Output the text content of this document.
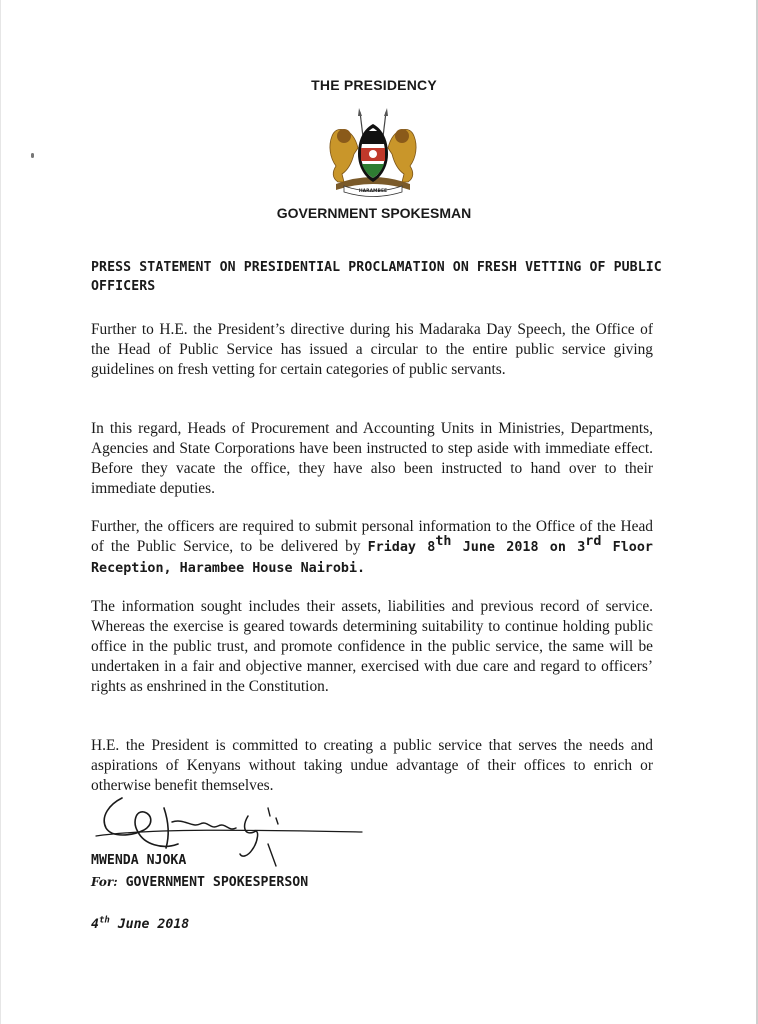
THE PRESIDENCY
HARAMBEE
GOVERNMENT SPOKESMAN
PRESS STATEMENT ON PRESIDENTIAL PROCLAMATION ON FRESH VETTING OF PUBLIC OFFICERS
Further to H.E. the President’s directive during his Madaraka Day Speech, the Office of the Head of Public Service has issued a circular to the entire public service giving guidelines on fresh vetting for certain categories of public servants.
In this regard, Heads of Procurement and Accounting Units in Ministries, Departments, Agencies and State Corporations have been instructed to step aside with immediate effect. Before they vacate the office, they have also been instructed to hand over to their immediate deputies.
Further, the officers are required to submit personal information to the Office of the Head of the Public Service, to be delivered by Friday 8th June 2018 on 3rd Floor Reception, Harambee House Nairobi.
The information sought includes their assets, liabilities and previous record of service. Whereas the exercise is geared towards determining suitability to continue holding public office in the public trust, and promote confidence in the public service, the same will be undertaken in a fair and objective manner, exercised with due care and regard to officers’ rights as enshrined in the Constitution.
H.E. the President is committed to creating a public service that serves the needs and aspirations of Kenyans without taking undue advantage of their offices to enrich or otherwise benefit themselves.
MWENDA NJOKA
For: GOVERNMENT SPOKESPERSON
4th June 2018
